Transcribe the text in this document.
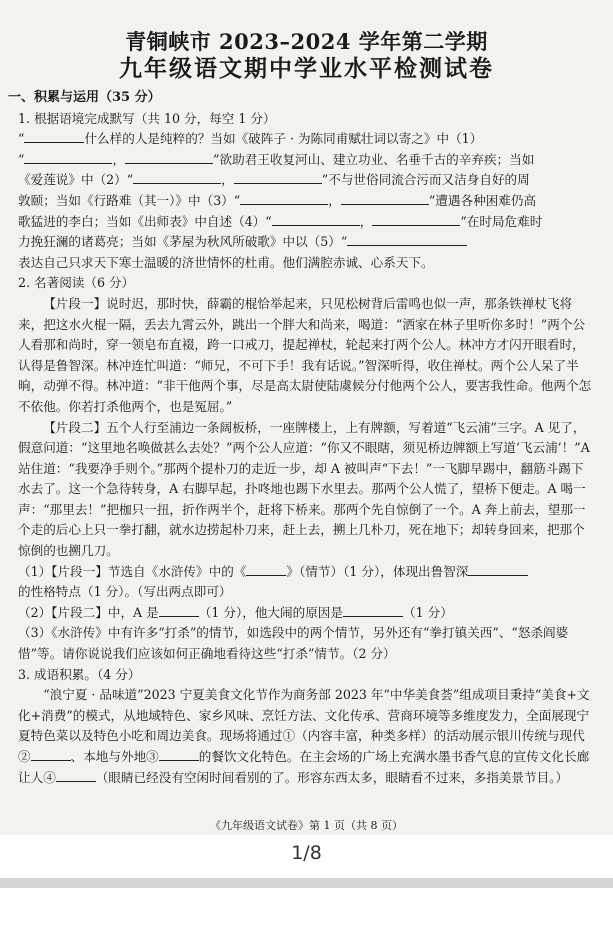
青铜峡市 2023–2024 学年第二学期
九年级语文期中学业水平检测试卷

一、积累与运用（35 分）

1. 根据语境完成默写（共 10 分，每空 1 分）

“	什么样的人是纯粹的？当如《破阵子 · 为陈同甫赋壮词以寄之》中（1）

“	，	”欲助君王收复河山、建立功业、名垂千古的辛弃疾；当如

《爱莲说》中（2）“	，	”不与世俗同流合污而又洁身自好的周

敦颐；当如《行路难（其一）》中（3）“	，	”遭遇各种困难仍高

歌猛进的李白；当如《出师表》中自述（4）“	，	”在时局危难时

力挽狂澜的诸葛亮；当如《茅屋为秋风所破歌》中以（5）“

表达自己只求天下寒士温暖的济世情怀的杜甫。他们满腔赤诚、心系天下。

2. 名著阅读（6 分）

【片段一】说时迟，那时快，薛霸的棍恰举起来，只见松树背后雷鸣也似一声，那条铁禅杖飞将来，把这水火棍一隔，丢去九霄云外，跳出一个胖大和尚来，喝道：“洒家在林子里听你多时！”两个公人看那和尚时，穿一领皂布直裰，跨一口戒刀，提起禅杖，轮起来打两个公人。林冲方才闪开眼看时，认得是鲁智深。林冲连忙叫道：“师兄，不可下手！我有话说。”智深听得，收住禅杖。两个公人呆了半晌，动弹不得。林冲道：“非干他两个事，尽是高太尉使陆虞候分付他两个公人，要害我性命。他两个怎不依他。你若打杀他两个，也是冤屈。”

【片段二】五个人行至浦边一条阔板桥，一座牌楼上，上有牌额，写着道“飞云浦”三字。A 见了，假意问道：“这里地名唤做甚么去处？”两个公人应道：“你又不眼瞎，须见桥边牌额上写道‘飞云浦’！”A 站住道：“我要净手则个。”那两个提朴刀的走近一步，却 A 被叫声“下去！”一飞脚早踢中，翻筋斗踢下水去了。这一个急待转身，A 右脚早起，扑咚地也踢下水里去。那两个公人慌了，望桥下便走。A 喝一声：“那里去！”把枷只一扭，折作两半个，赶将下桥来。那两个先自惊倒了一个。A 奔上前去，望那一个走的后心上只一拳打翻，就水边捞起朴刀来，赶上去，搠上几朴刀，死在地下；却转身回来，把那个惊倒的也搠几刀。

（1）【片段一】节选自《水浒传》中的《	》（情节）（1 分），体现出鲁智深

的性格特点（1 分）。（写出两点即可）

（2）【片段二】中，A 是	（1 分），他大闹的原因是	（1 分）

（3）《水浒传》中有许多“打杀”的情节，如选段中的两个情节，另外还有“拳打镇关西”、“怒杀阎婆惜”等。请你说说我们应该如何正确地看待这些“打杀”情节。（2 分）

3. 成语积累。（4 分）

“浪宁夏 · 品味道”2023 宁夏美食文化节作为商务部 2023 年“中华美食荟”组成项目秉持“美食+文化+消费”的模式，从地域特色、家乡风味、烹饪方法、文化传承、营商环境等多维度发力，全面展现宁夏特色菜以及特色小吃和周边美食。现场将通过①（内容丰富，种类多样）的活动展示银川传统与现代②	、本地与外地③	的餐饮文化特色。在主会场的广场上充满水墨书香气息的宣传文化长廊让人④	（眼睛已经没有空闲时间看别的了。形容东西太多，眼睛看不过来，多指美景节目。）

《九年级语文试卷》第 1 页（共 8 页）
1/8
